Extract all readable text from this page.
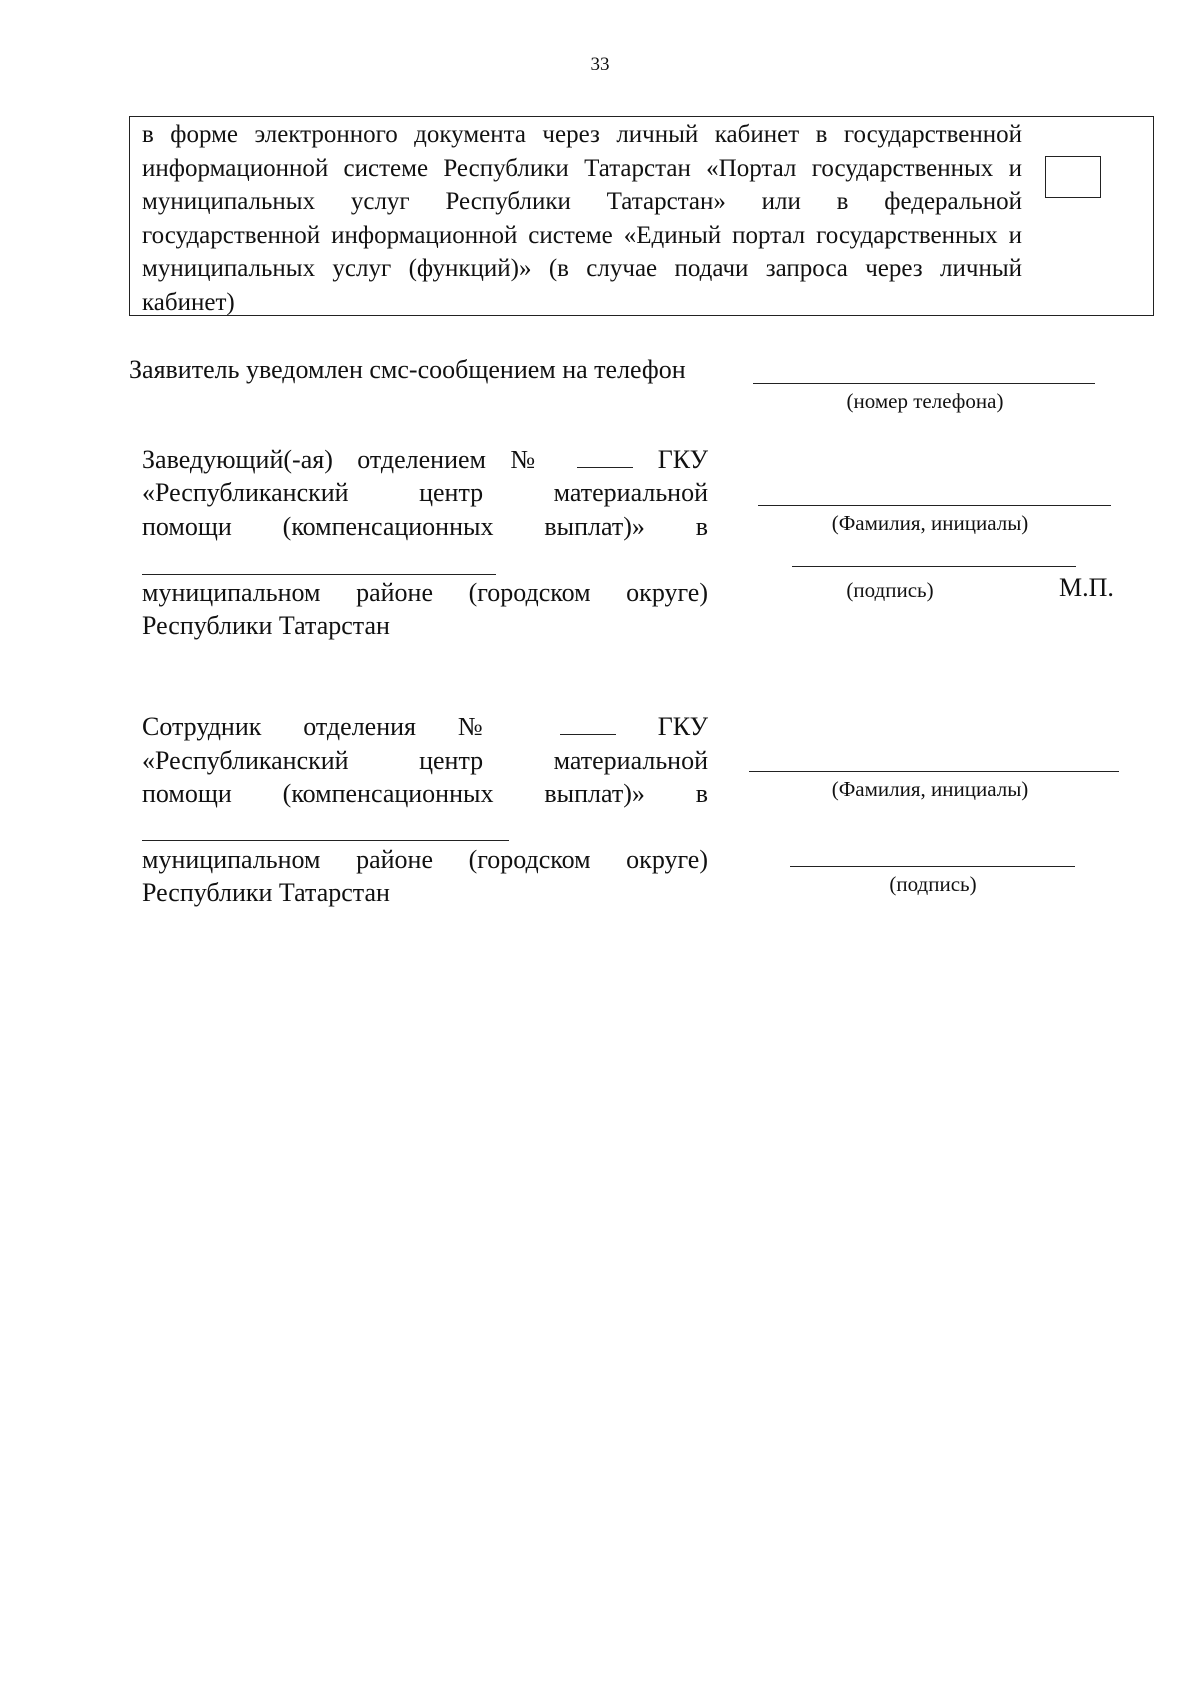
33
в форме электронного документа через личный кабинет в государственной информационной системе Республики Татарстан «Портал государственных и муниципальных услуг Республики Татарстан» или в федеральной государственной информационной системе «Единый портал государственных и муниципальных услуг (функций)» (в случае подачи запроса через личный кабинет)
Заявитель уведомлен смс-сообщением на телефон
(номер телефона)
Заведующий(-ая) отделением №	ГКУ
«Республиканский центр материальной
помощи (компенсационных выплат)» в
муниципальном районе (городском округе)
Республики Татарстан
(Фамилия, инициалы)
(подпись)	М.П.
Сотрудник отделения №	ГКУ
«Республиканский центр материальной
помощи (компенсационных выплат)» в
муниципальном районе (городском округе)
Республики Татарстан
(Фамилия, инициалы)
(подпись)
